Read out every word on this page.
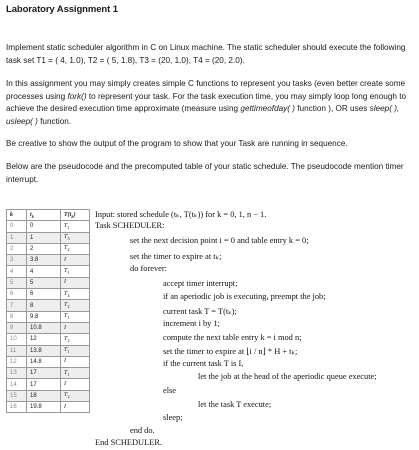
Laboratory Assignment 1

Implement static scheduler algorithm in C on Linux machine. The static scheduler should execute the following task set T1 = ( 4, 1.0), T2 = ( 5, 1.8), T3 = (20, 1.0), T4 = (20, 2.0).

In this assignment you may simply creates simple C functions to represent you tasks (even better create some processes using fork() to represent your task. For the task execution time, you may simply loop long enough to achieve the desired execution time approximate (measure using gettimeofday( ) function ), OR uses sleep( ), usleep( ) function.

Be creative to show the output of the program to show that your Task are running in sequence.

Below are the pseudocode and the precomputed table of your static schedule. The pseudocode mention timer interrupt.

k	$t_k$	$T(t_k)$
0	0	$T_1$
1	1	$T_3$
2	2	$T_2$
3	3.8	I
4	4	$T_1$
5	5	I
6	6	$T_4$
7	8	$T_2$
8	9.8	$T_1$
9	10.8	I
10	12	$T_2$
11	13.8	$T_1$
12	14.8	I
13	17	$T_1$
14	17	I
15	18	$T_2$
16	19.8	I
Input: stored schedule (tₖ, T(tₖ)) for k = 0, 1, n − 1.
Task SCHEDULER:
set the next decision point i = 0 and table entry k = 0;
set the timer to expire at tₖ;
do forever:
accept timer interrupt;
if an aperiodic job is executing, preempt the job;
current task T = T(tₖ);
increment i by 1;
compute the next table entry k = i mod n;
set the timer to expire at ⌊i / n⌋ * H + tₖ;
if the current task T is I,
let the job at the head of the aperiodic queue execute;
else
let the task T execute;
sleep;
end do.
End SCHEDULER.
